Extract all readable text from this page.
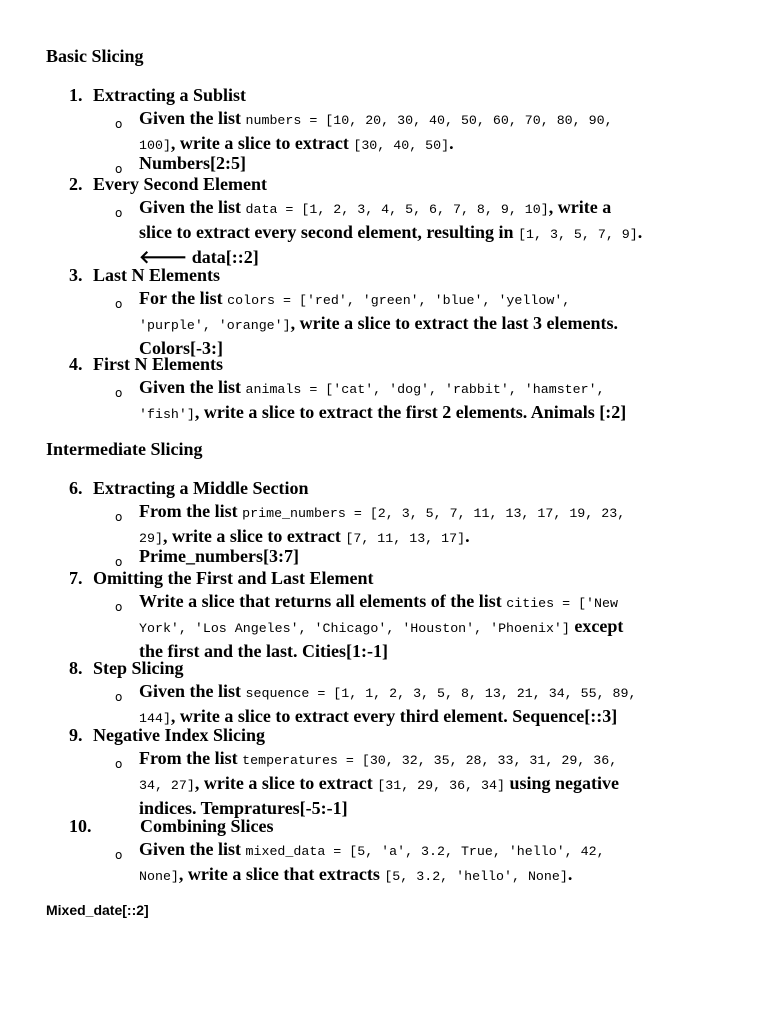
Basic Slicing
1. Extracting a Sublist
o Given the list numbers = [10, 20, 30, 40, 50, 60, 70, 80, 90,
100], write a slice to extract [30, 40, 50].
o Numbers[2:5]
2. Every Second Element
o Given the list data = [1, 2, 3, 4, 5, 6, 7, 8, 9, 10], write a
slice to extract every second element, resulting in [1, 3, 5, 7, 9].
🡐 data[::2]
3. Last N Elements
o For the list colors = ['red', 'green', 'blue', 'yellow',
'purple', 'orange'], write a slice to extract the last 3 elements.
Colors[-3:]
4. First N Elements
o Given the list animals = ['cat', 'dog', 'rabbit', 'hamster',
'fish'], write a slice to extract the first 2 elements. Animals [:2]
Intermediate Slicing
6. Extracting a Middle Section
o From the list prime_numbers = [2, 3, 5, 7, 11, 13, 17, 19, 23,
29], write a slice to extract [7, 11, 13, 17].
o Prime_numbers[3:7]
7. Omitting the First and Last Element
o Write a slice that returns all elements of the list cities = ['New
York', 'Los Angeles', 'Chicago', 'Houston', 'Phoenix'] except
the first and the last. Cities[1:-1]
8. Step Slicing
o Given the list sequence = [1, 1, 2, 3, 5, 8, 13, 21, 34, 55, 89,
144], write a slice to extract every third element. Sequence[::3]
9. Negative Index Slicing
o From the list temperatures = [30, 32, 35, 28, 33, 31, 29, 36,
34, 27], write a slice to extract [31, 29, 36, 34] using negative
indices. Tempratures[-5:-1]
10.	Combining Slices
o Given the list mixed_data = [5, 'a', 3.2, True, 'hello', 42,
None], write a slice that extracts [5, 3.2, 'hello', None].
Mixed_date[::2]
